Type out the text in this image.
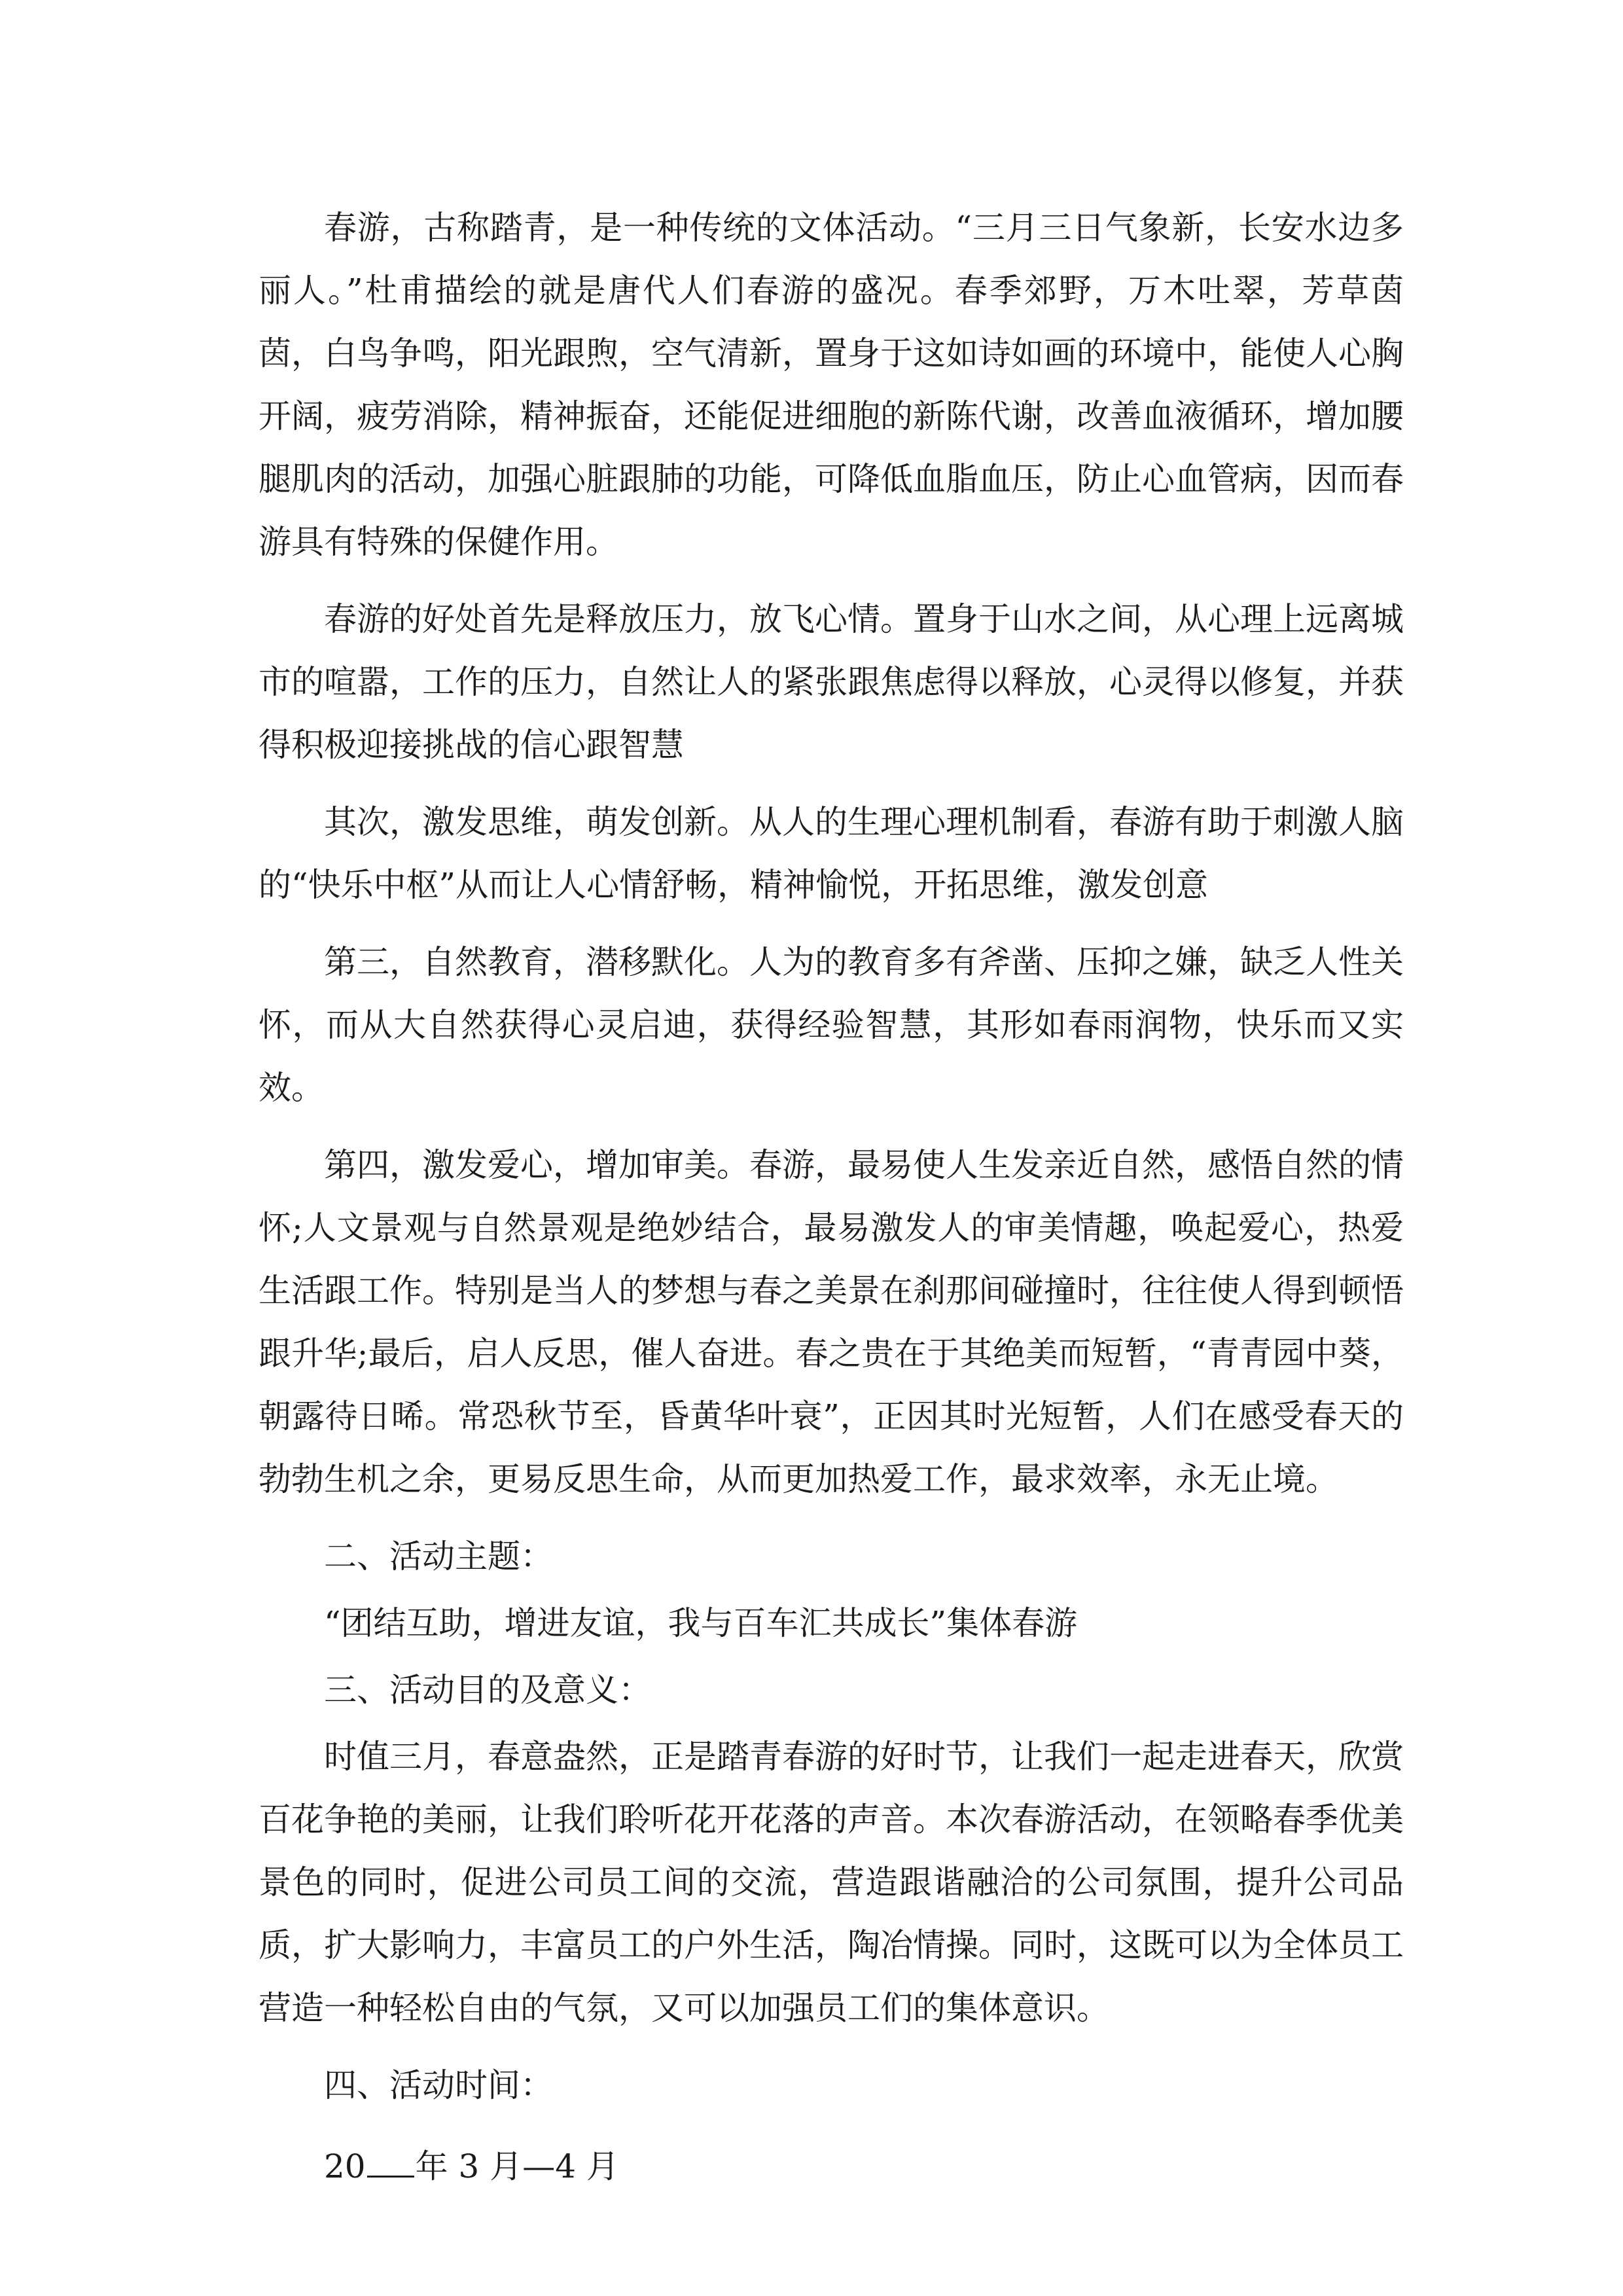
春游，古称踏青，是一种传统的文体活动。“三月三日气象新，长安水边多丽人。”杜甫描绘的就是唐代人们春游的盛况。春季郊野，万木吐翠，芳草茵茵，白鸟争鸣，阳光跟煦，空气清新，置身于这如诗如画的环境中，能使人心胸开阔，疲劳消除，精神振奋，还能促进细胞的新陈代谢，改善血液循环，增加腰腿肌肉的活动，加强心脏跟肺的功能，可降低血脂血压，防止心血管病，因而春游具有特殊的保健作用。

春游的好处首先是释放压力，放飞心情。置身于山水之间，从心理上远离城市的喧嚣，工作的压力，自然让人的紧张跟焦虑得以释放，心灵得以修复，并获得积极迎接挑战的信心跟智慧

其次，激发思维，萌发创新。从人的生理心理机制看，春游有助于刺激人脑的“快乐中枢”从而让人心情舒畅，精神愉悦，开拓思维，激发创意

第三，自然教育，潜移默化。人为的教育多有斧凿、压抑之嫌，缺乏人性关怀，而从大自然获得心灵启迪，获得经验智慧，其形如春雨润物，快乐而又实效。

第四，激发爱心，增加审美。春游，最易使人生发亲近自然，感悟自然的情怀;人文景观与自然景观是绝妙结合，最易激发人的审美情趣，唤起爱心，热爱生活跟工作。特别是当人的梦想与春之美景在刹那间碰撞时，往往使人得到顿悟跟升华;最后，启人反思，催人奋进。春之贵在于其绝美而短暂，“青青园中葵，朝露待日晞。常恐秋节至，昏黄华叶衰”，正因其时光短暂，人们在感受春天的勃勃生机之余，更易反思生命，从而更加热爱工作，最求效率，永无止境。

二、活动主题：

“团结互助，增进友谊，我与百车汇共成长”集体春游

三、活动目的及意义：

时值三月，春意盎然，正是踏青春游的好时节，让我们一起走进春天，欣赏百花争艳的美丽，让我们聆听花开花落的声音。本次春游活动，在领略春季优美景色的同时，促进公司员工间的交流，营造跟谐融洽的公司氛围，提升公司品质，扩大影响力，丰富员工的户外生活，陶冶情操。同时，这既可以为全体员工营造一种轻松自由的气氛，又可以加强员工们的集体意识。

四、活动时间：

20 年 3 月—4 月
